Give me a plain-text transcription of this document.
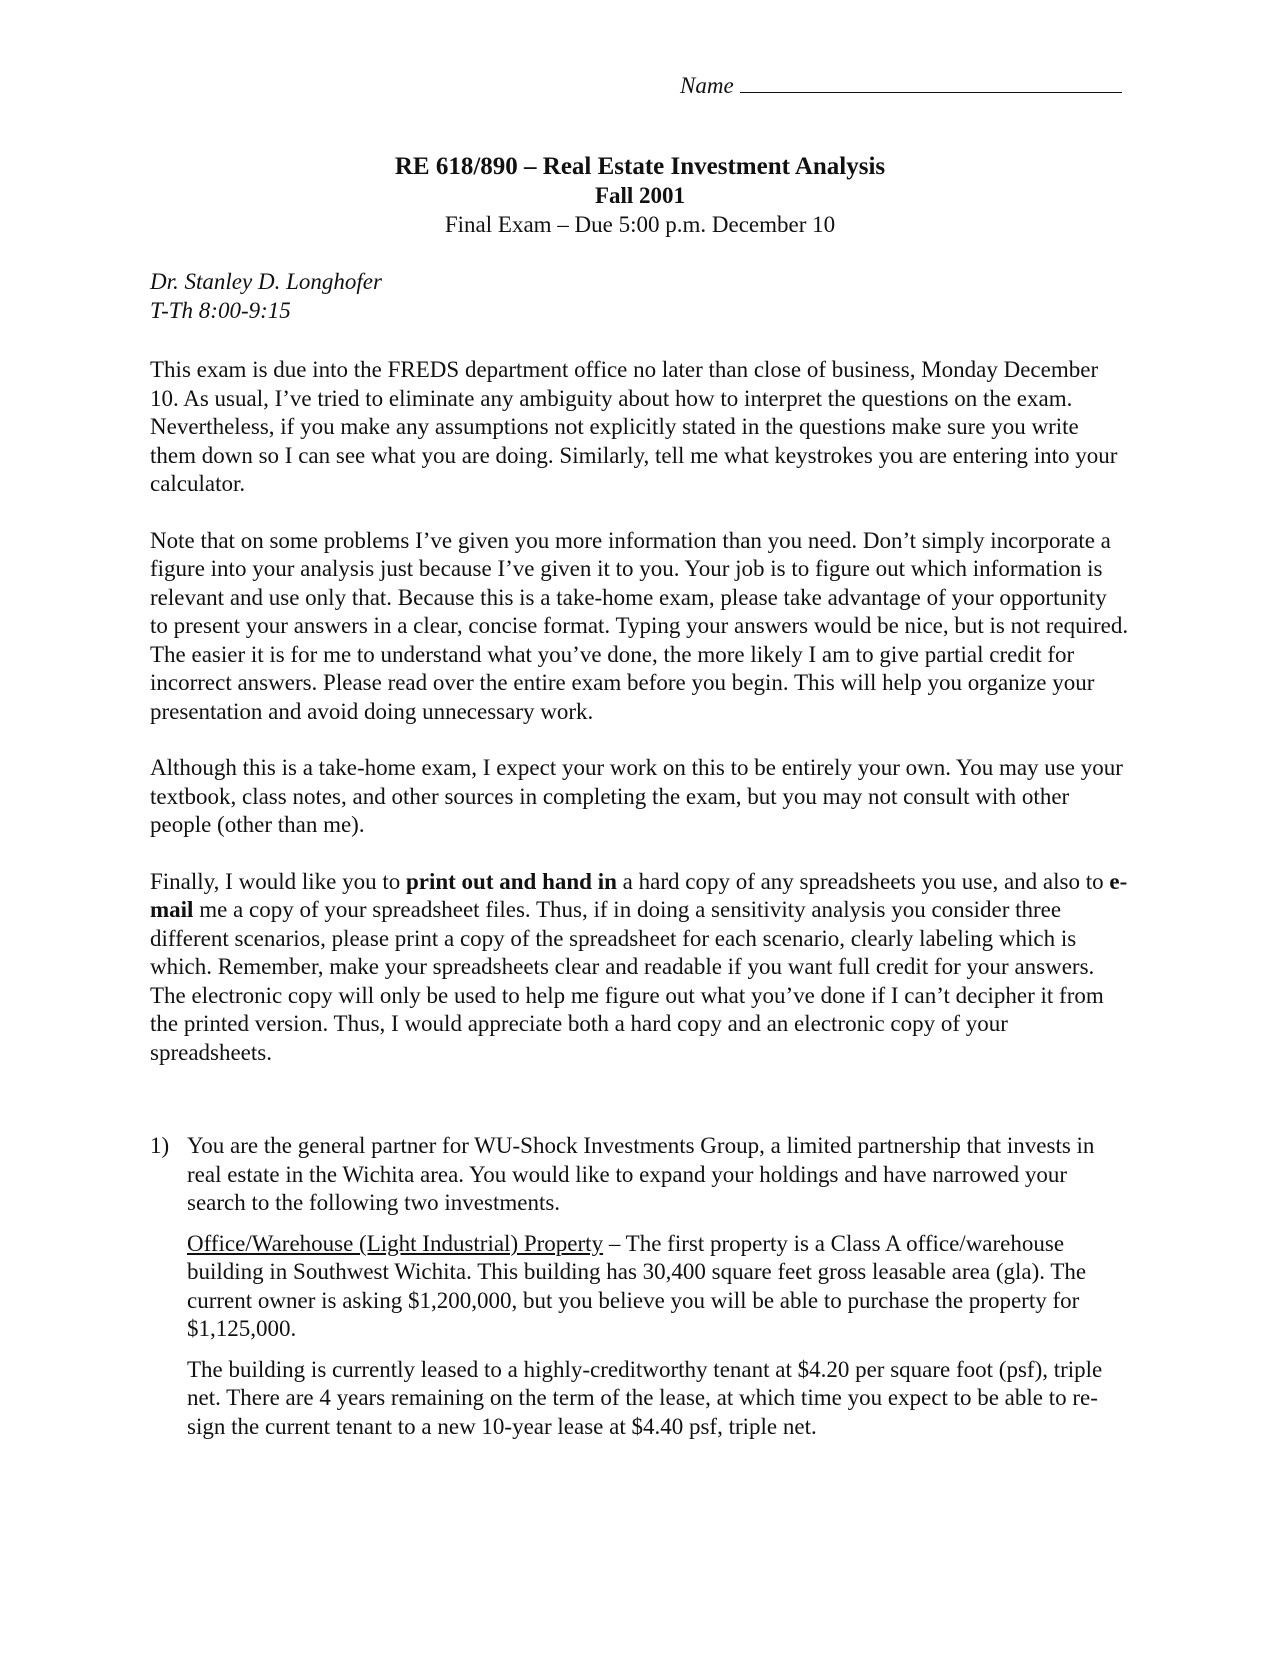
Name
RE 618/890 – Real Estate Investment Analysis
Fall 2001
Final Exam – Due 5:00 p.m. December 10
Dr. Stanley D. Longhofer
T-Th 8:00-9:15

This exam is due into the FREDS department office no later than close of business, Monday December 10. As usual, I’ve tried to eliminate any ambiguity about how to interpret the questions on the exam. Nevertheless, if you make any assumptions not explicitly stated in the questions make sure you write them down so I can see what you are doing. Similarly, tell me what keystrokes you are entering into your calculator.

Note that on some problems I’ve given you more information than you need. Don’t simply incorporate a figure into your analysis just because I’ve given it to you. Your job is to figure out which information is relevant and use only that. Because this is a take-home exam, please take advantage of your opportunity to present your answers in a clear, concise format. Typing your answers would be nice, but is not required. The easier it is for me to understand what you’ve done, the more likely I am to give partial credit for incorrect answers. Please read over the entire exam before you begin. This will help you organize your presentation and avoid doing unnecessary work.

Although this is a take-home exam, I expect your work on this to be entirely your own. You may use your textbook, class notes, and other sources in completing the exam, but you may not consult with other people (other than me).

Finally, I would like you to print out and hand in a hard copy of any spreadsheets you use, and also to e-mail me a copy of your spreadsheet files. Thus, if in doing a sensitivity analysis you consider three different scenarios, please print a copy of the spreadsheet for each scenario, clearly labeling which is which. Remember, make your spreadsheets clear and readable if you want full credit for your answers. The electronic copy will only be used to help me figure out what you’ve done if I can’t decipher it from the printed version. Thus, I would appreciate both a hard copy and an electronic copy of your spreadsheets.

1) You are the general partner for WU-Shock Investments Group, a limited partnership that invests in real estate in the Wichita area. You would like to expand your holdings and have narrowed your search to the following two investments.

Office/Warehouse (Light Industrial) Property – The first property is a Class A office/warehouse building in Southwest Wichita. This building has 30,400 square feet gross leasable area (gla). The current owner is asking $1,200,000, but you believe you will be able to purchase the property for $1,125,000.

The building is currently leased to a highly-creditworthy tenant at $4.20 per square foot (psf), triple net. There are 4 years remaining on the term of the lease, at which time you expect to be able to re-sign the current tenant to a new 10-year lease at $4.40 psf, triple net.
